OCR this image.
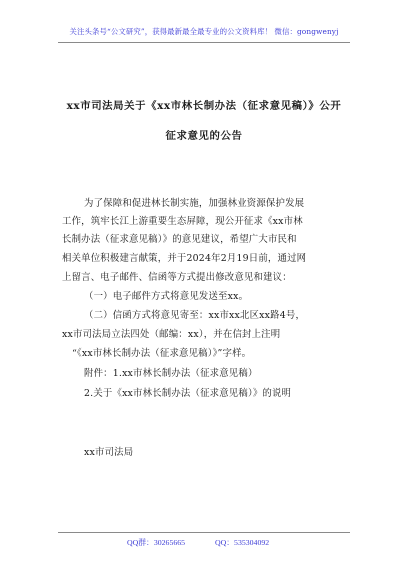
关注头条号“公文研究”，获得最新最全最专业的公文资料库！ 微信：gongwenyj
xx市司法局关于《xx市林长制办法（征求意见稿）》公开
征求意见的公告
为了保障和促进林长制实施，加强林业资源保护发展
工作，筑牢长江上游重要生态屏障，现公开征求《xx市林
长制办法（征求意见稿）》的意见建议，希望广大市民和
相关单位积极建言献策，并于2024年2月19日前，通过网
上留言、电子邮件、信函等方式提出修改意见和建议：
（一）电子邮件方式将意见发送至xx。
（二）信函方式将意见寄至：xx市xx北区xx路4号，
xx市司法局立法四处（邮编：xx），并在信封上注明
“《xx市林长制办法（征求意见稿）》”字样。
附件：1.xx市林长制办法（征求意见稿）
2.关于《xx市林长制办法（征求意见稿）》的说明
xx市司法局
QQ群：30265665	QQ：535304092
